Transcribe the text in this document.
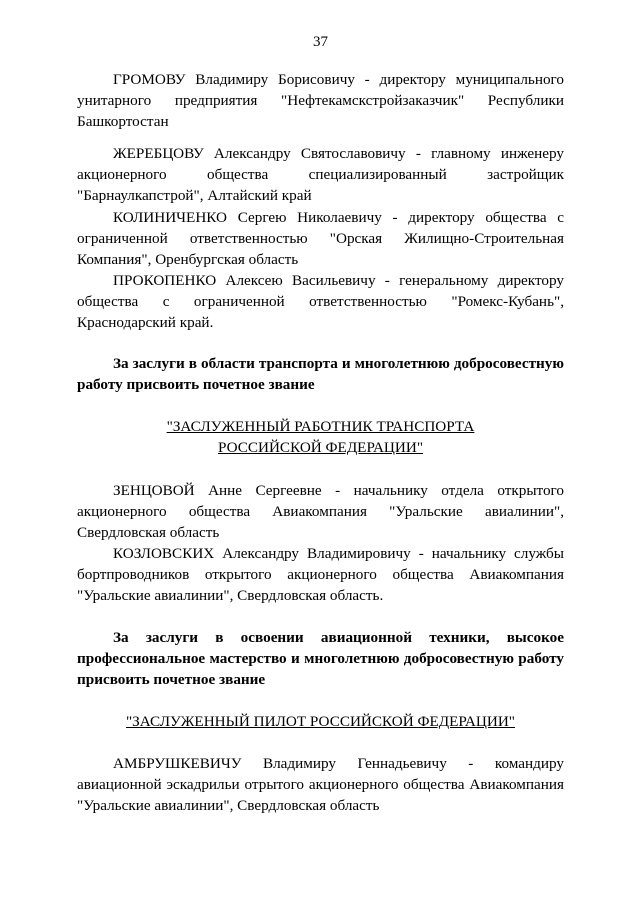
37

ГРОМОВУ Владимиру Борисовичу - директору муниципального унитарного предприятия "Нефтекамскстройзаказчик" Республики Башкортостан

ЖЕРЕБЦОВУ Александру Святославовичу - главному инженеру акционерного общества специализированный застройщик "Барнаулкапстрой", Алтайский край

КОЛИНИЧЕНКО Сергею Николаевичу - директору общества с ограниченной ответственностью "Орская Жилищно-Строительная Компания", Оренбургская область

ПРОКОПЕНКО Алексею Васильевичу - генеральному директору общества с ограниченной ответственностью "Ромекс-Кубань", Краснодарский край.

За заслуги в области транспорта и многолетнюю добросовестную работу присвоить почетное звание

"ЗАСЛУЖЕННЫЙ РАБОТНИК ТРАНСПОРТА
РОССИЙСКОЙ ФЕДЕРАЦИИ"

ЗЕНЦОВОЙ Анне Сергеевне - начальнику отдела открытого акционерного общества Авиакомпания "Уральские авиалинии", Свердловская область

КОЗЛОВСКИХ Александру Владимировичу - начальнику службы бортпроводников открытого акционерного общества Авиакомпания "Уральские авиалинии", Свердловская область.

За заслуги в освоении авиационной техники, высокое профессиональное мастерство и многолетнюю добросовестную работу присвоить почетное звание

"ЗАСЛУЖЕННЫЙ ПИЛОТ РОССИЙСКОЙ ФЕДЕРАЦИИ"

АМБРУШКЕВИЧУ Владимиру Геннадьевичу - командиру авиационной эскадрильи отрытого акционерного общества Авиакомпания "Уральские авиалинии", Свердловская область
